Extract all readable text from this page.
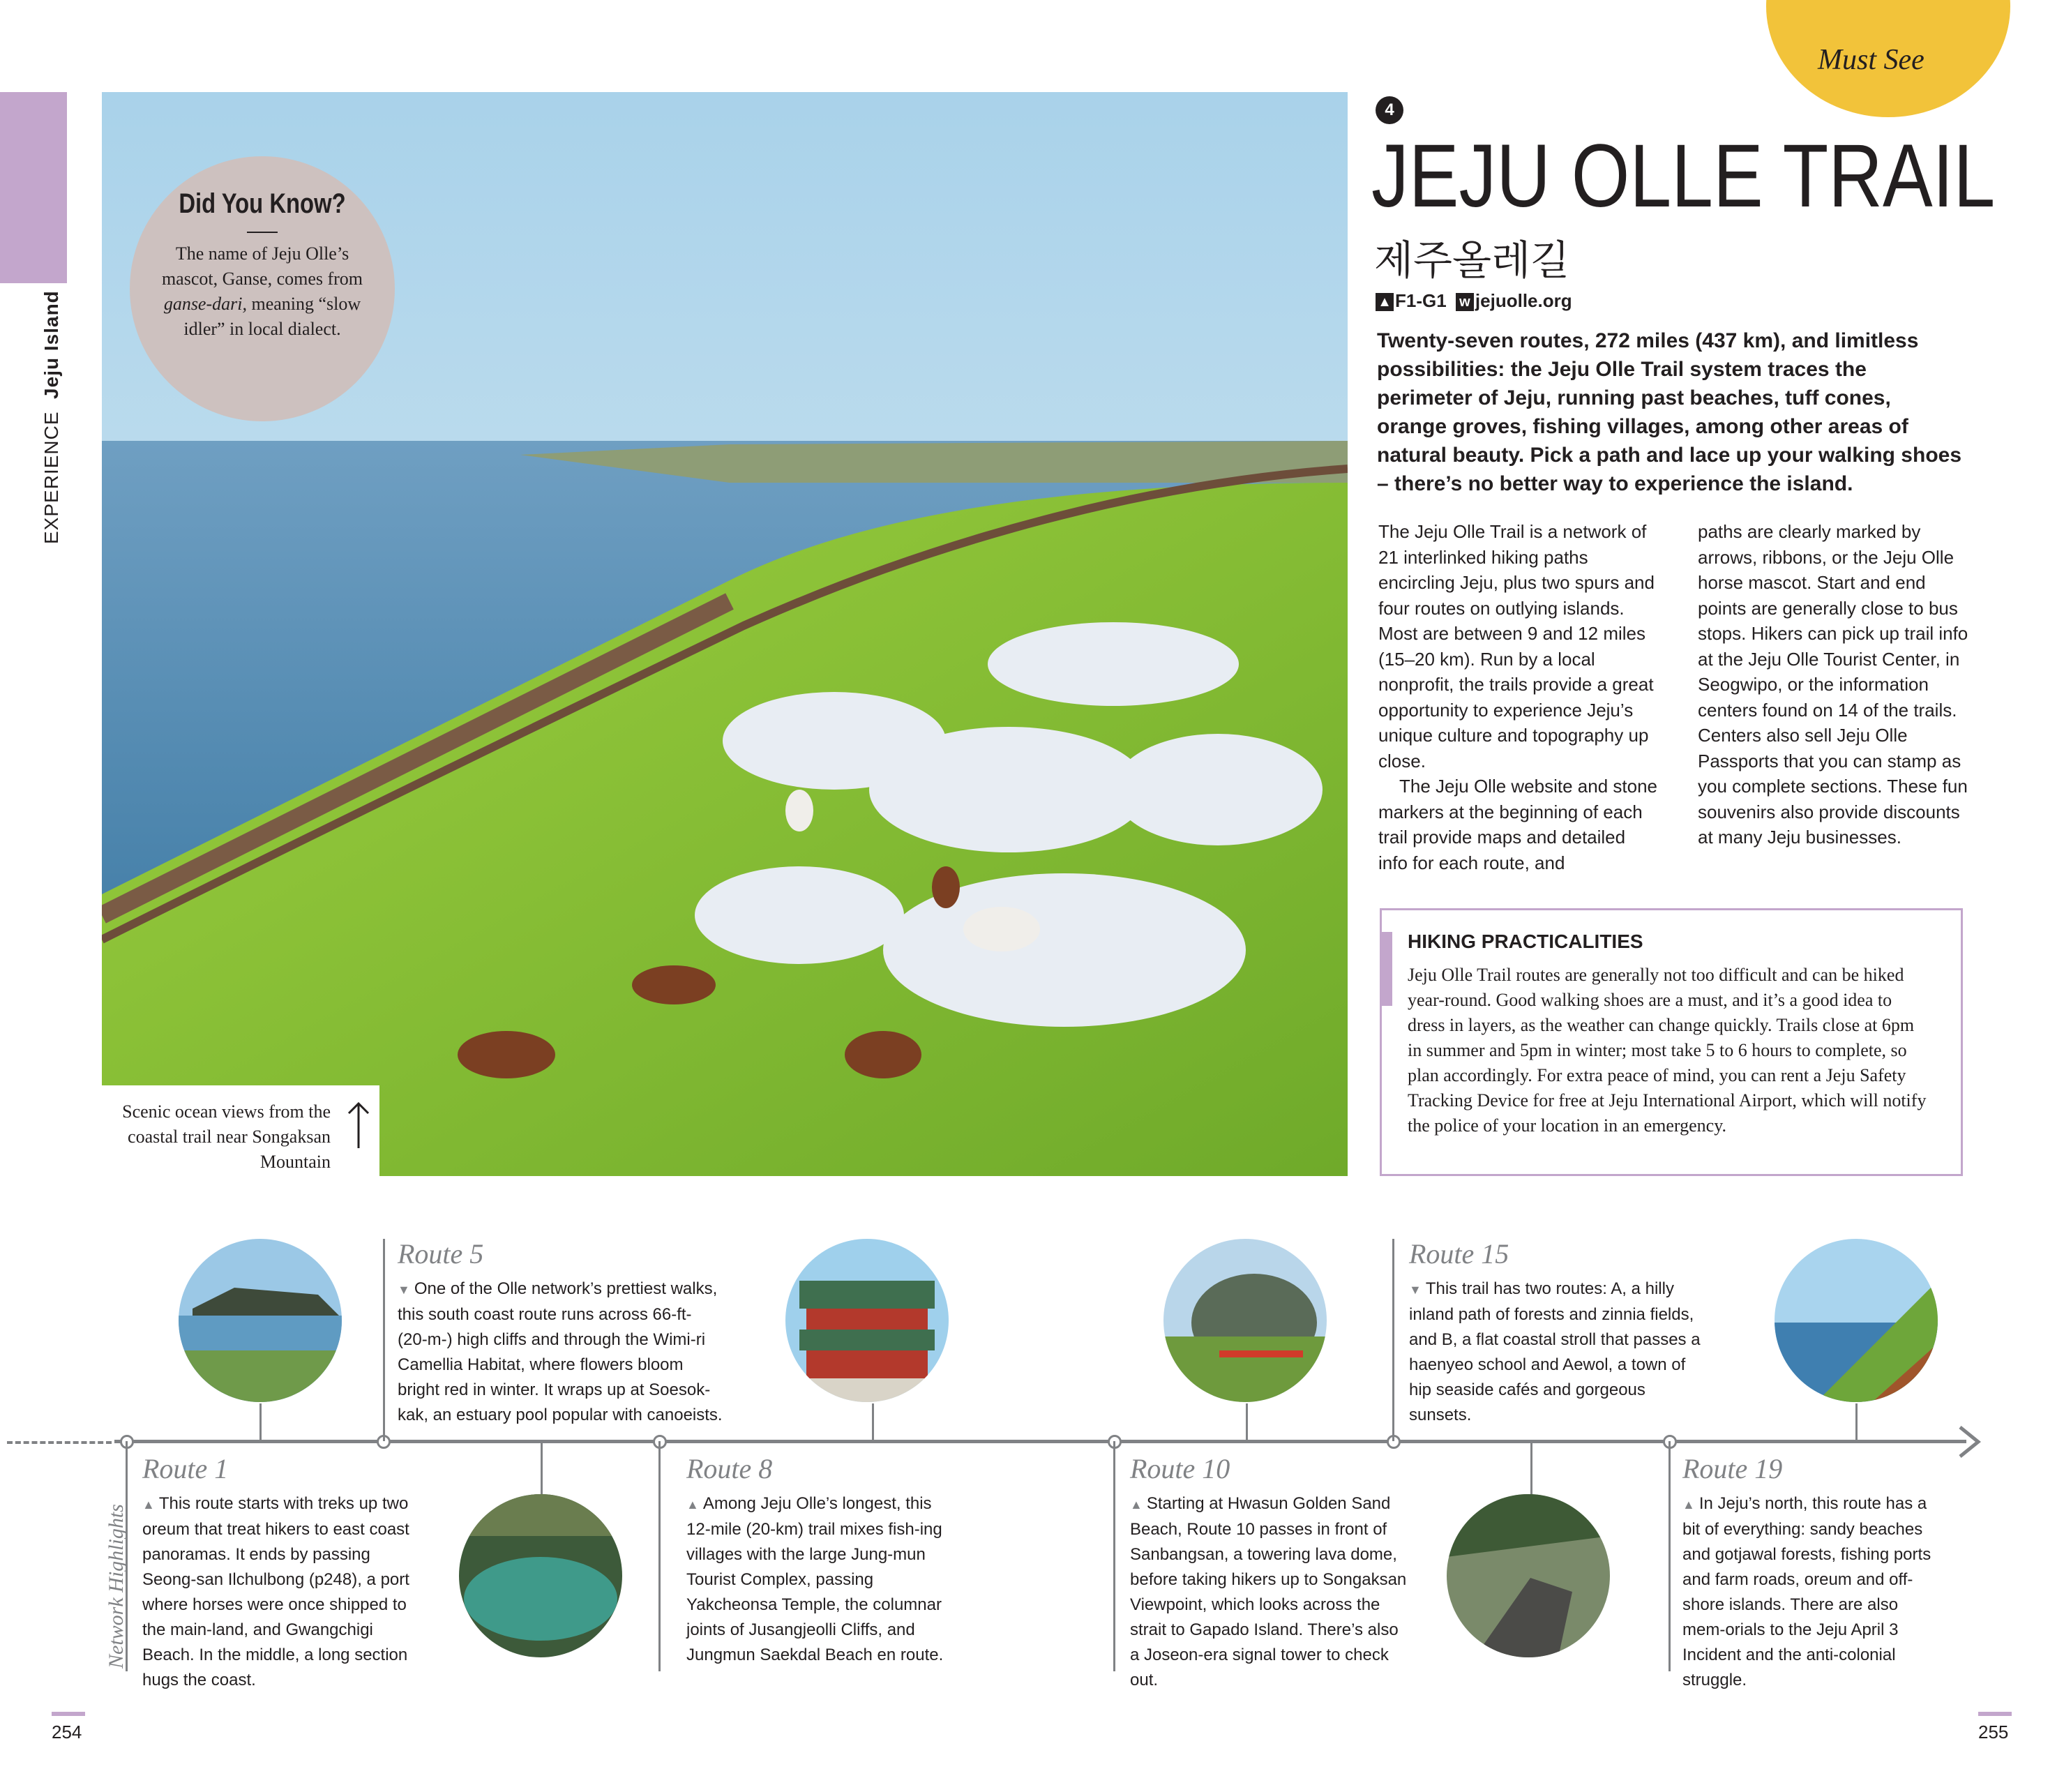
EXPERIENCE  Jeju Island
Must See
Scenic ocean views from the coastal trail near Songaksan Mountain
Did You Know?
The name of Jeju Olle’s mascot, Ganse, comes from ganse-dari, meaning “slow idler” in local dialect.
4
JEJU OLLE TRAIL
제주올레길
▲ F1-G1 w jejuolle.org
Twenty-seven routes, 272 miles (437 km), and limitless possibilities: the Jeju Olle Trail system traces the perimeter of Jeju, running past beaches, tuff cones, orange groves, fishing villages, among other areas of natural beauty. Pick a path and lace up your walking shoes – there’s no better way to experience the island.

The Jeju Olle Trail is a network of 21 interlinked hiking paths encircling Jeju, plus two spurs and four routes on outlying islands. Most are between 9 and 12 miles (15–20 km). Run by a local nonprofit, the trails provide a great opportunity to experience Jeju’s unique culture and topography up close.

The Jeju Olle website and stone markers at the beginning of each trail provide maps and detailed info for each route, and

paths are clearly marked by arrows, ribbons, or the Jeju Olle horse mascot. Start and end points are generally close to bus stops. Hikers can pick up trail info at the Jeju Olle Tourist Center, in Seogwipo, or the information centers found on 14 of the trails. Centers also sell Jeju Olle Passports that you can stamp as you complete sections. These fun souvenirs also provide discounts at many Jeju businesses.

HIKING PRACTICALITIES
Jeju Olle Trail routes are generally not too difficult and can be hiked year-round. Good walking shoes are a must, and it’s a good idea to dress in layers, as the weather can change quickly. Trails close at 6pm in summer and 5pm in winter; most take 5 to 6 hours to complete, so plan accordingly. For extra peace of mind, you can rent a Jeju Safety Tracking Device for free at Jeju International Airport, which will notify the police of your location in an emergency.
Network Highlights
Route 1
▲ This route starts with treks up two oreum that treat hikers to east coast panoramas. It ends by passing Seong-san Ilchulbong (p248), a port where horses were once shipped to the main-land, and Gwangchigi Beach. In the middle, a long section hugs the coast.
Route 5
▼ One of the Olle network’s prettiest walks, this south coast route runs across 66-ft- (20-m-) high cliffs and through the Wimi-ri Camellia Habitat, where flowers bloom bright red in winter. It wraps up at Soesok-kak, an estuary pool popular with canoeists.
Route 8
▲ Among Jeju Olle’s longest, this 12-mile (20-km) trail mixes fish-ing villages with the large Jung-mun Tourist Complex, passing Yakcheonsa Temple, the columnar joints of Jusangjeolli Cliffs, and Jungmun Saekdal Beach en route.
Route 10
▲ Starting at Hwasun Golden Sand Beach, Route 10 passes in front of Sanbangsan, a towering lava dome, before taking hikers up to Songaksan Viewpoint, which looks across the strait to Gapado Island. There’s also a Joseon-era signal tower to check out.
Route 15
▼ This trail has two routes: A, a hilly inland path of forests and zinnia fields, and B, a flat coastal stroll that passes a haenyeo school and Aewol, a town of hip seaside cafés and gorgeous sunsets.
Route 19
▲ In Jeju’s north, this route has a bit of everything: sandy beaches and gotjawal forests, fishing ports and farm roads, oreum and off-shore islands. There are also mem-orials to the Jeju April 3 Incident and the anti-colonial struggle.
254	255
